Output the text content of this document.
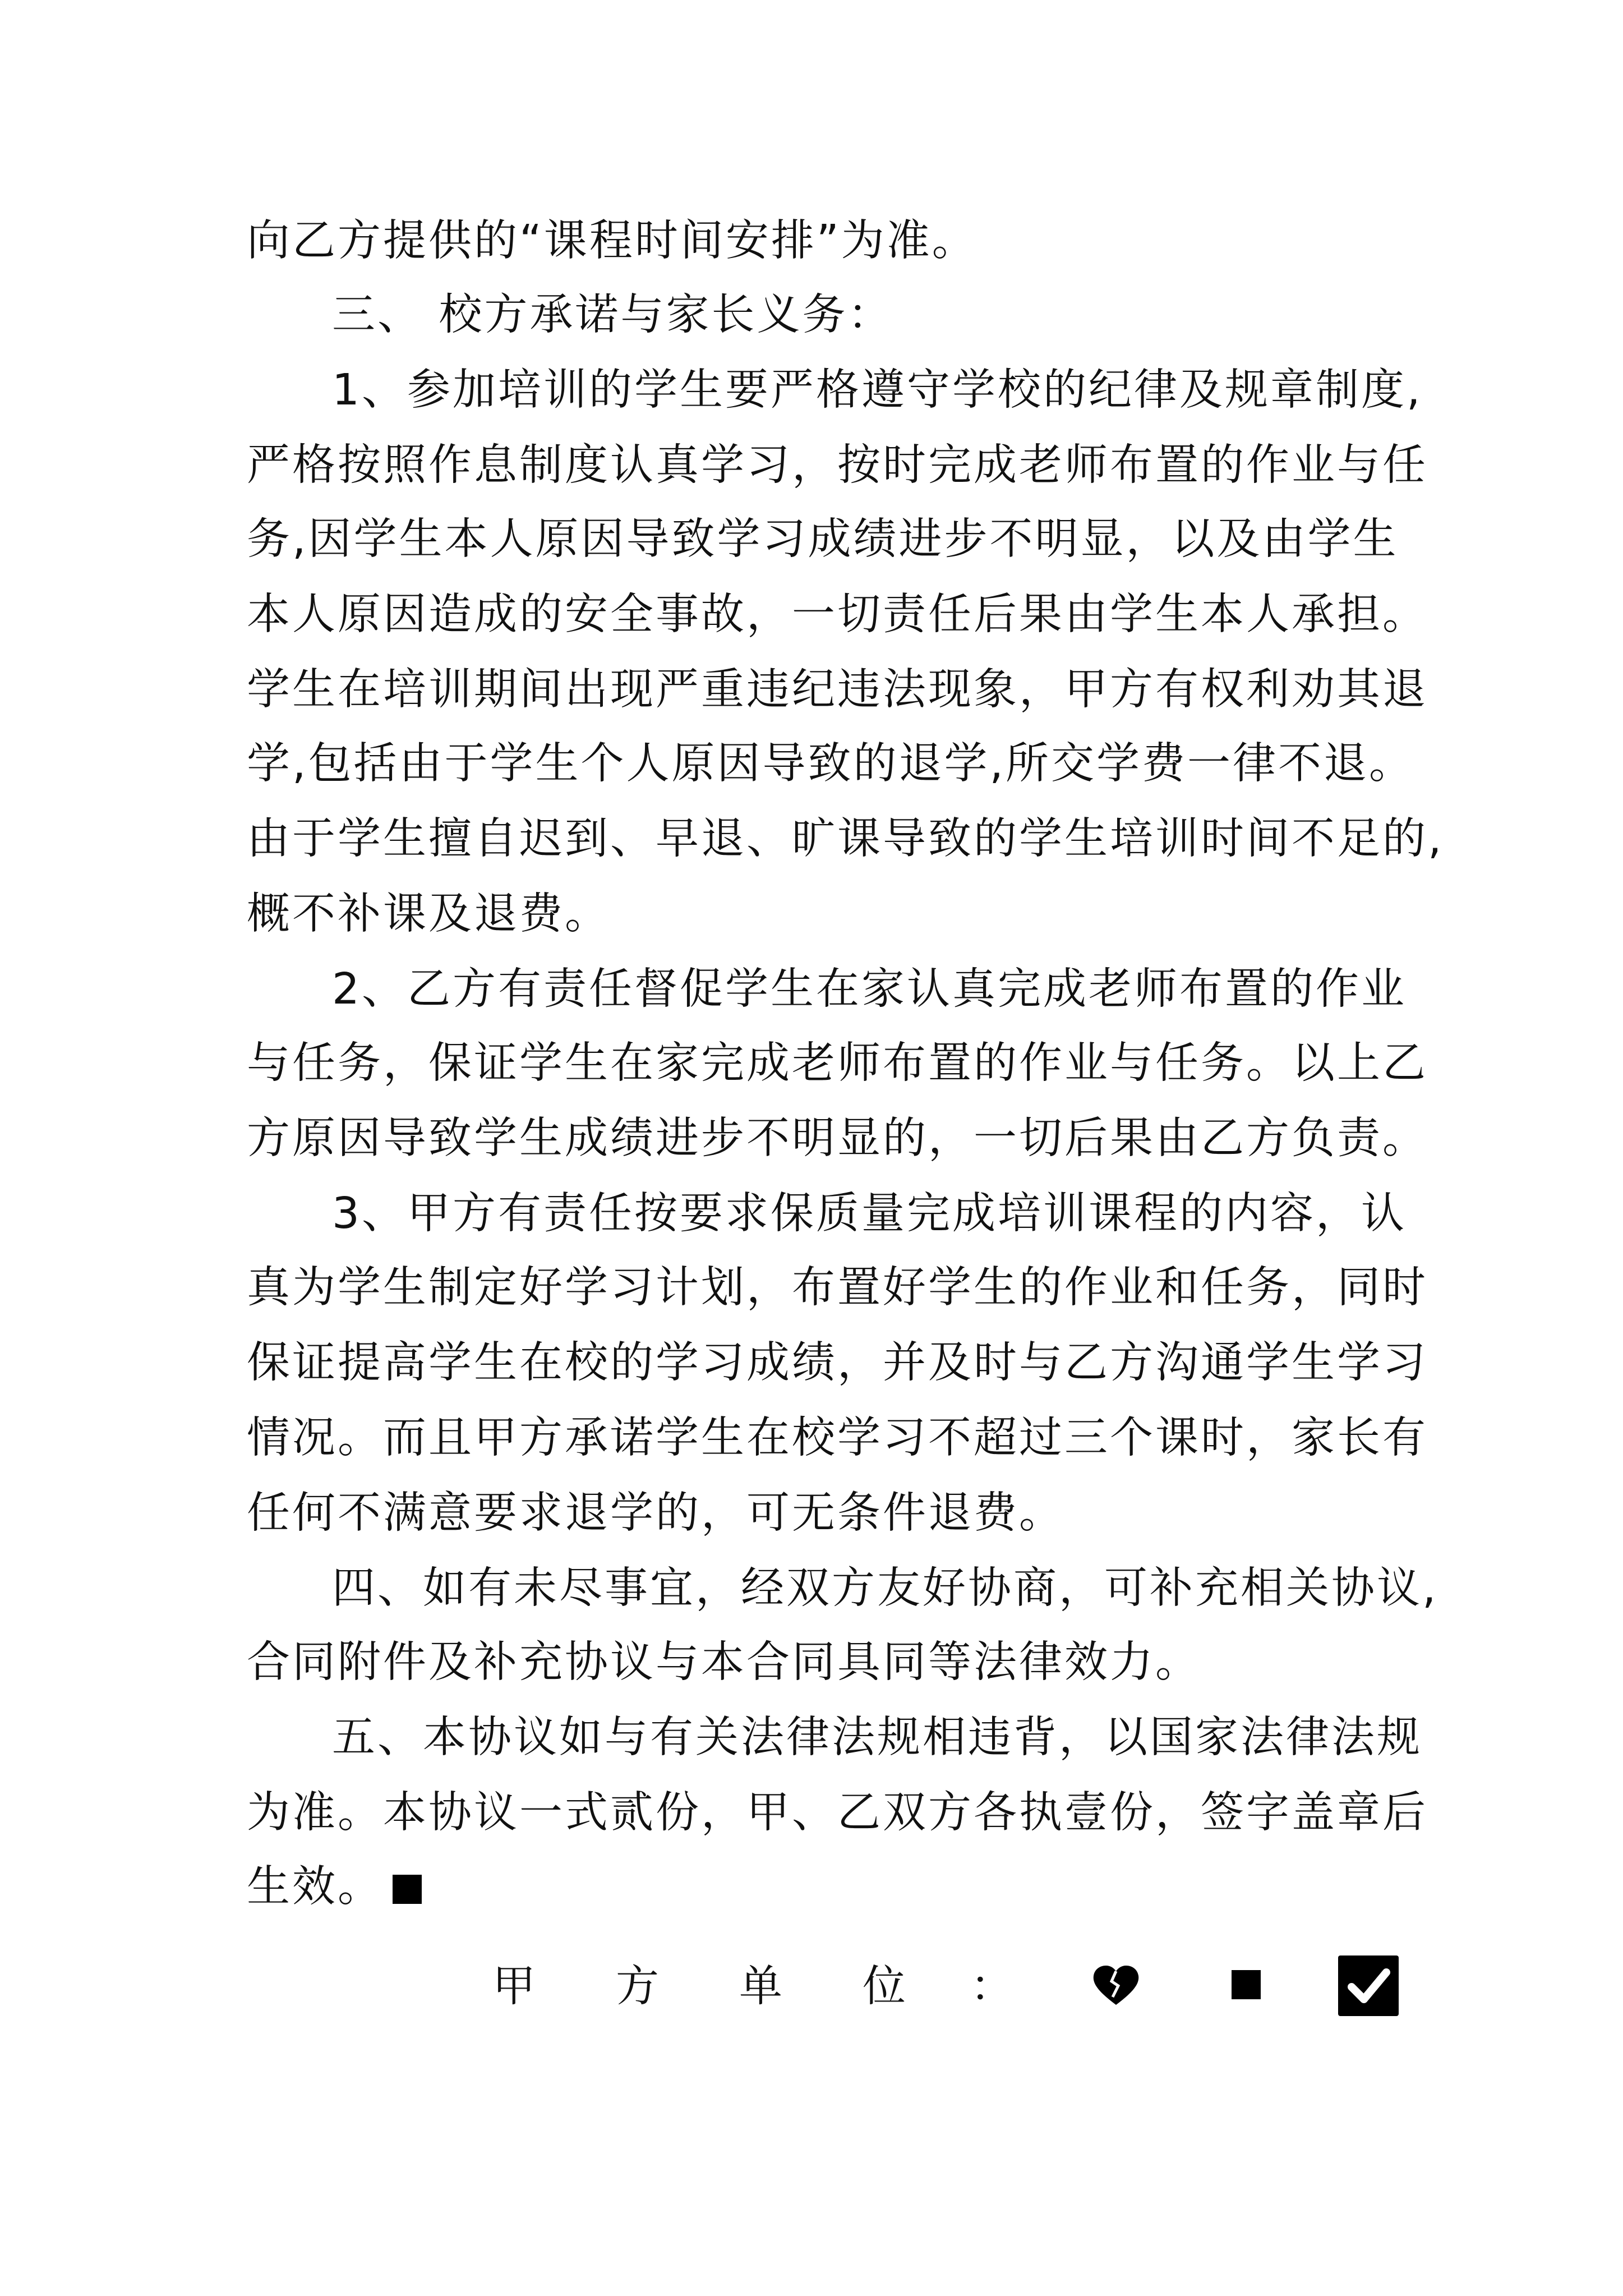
向乙方提供的“课程时间安排”为准。
三、 校方承诺与家长义务：
1、参加培训的学生要严格遵守学校的纪律及规章制度,
严格按照作息制度认真学习，按时完成老师布置的作业与任
务,因学生本人原因导致学习成绩进步不明显，以及由学生
本人原因造成的安全事故，一切责任后果由学生本人承担。
学生在培训期间出现严重违纪违法现象，甲方有权利劝其退
学,包括由于学生个人原因导致的退学,所交学费一律不退。
由于学生擅自迟到、早退、旷课导致的学生培训时间不足的,
概不补课及退费。
2、乙方有责任督促学生在家认真完成老师布置的作业
与任务，保证学生在家完成老师布置的作业与任务。以上乙
方原因导致学生成绩进步不明显的，一切后果由乙方负责。
3、甲方有责任按要求保质量完成培训课程的内容，认
真为学生制定好学习计划，布置好学生的作业和任务，同时
保证提高学生在校的学习成绩，并及时与乙方沟通学生学习
情况。而且甲方承诺学生在校学习不超过三个课时，家长有
任何不满意要求退学的，可无条件退费。
四、如有未尽事宜，经双方友好协商，可补充相关协议,
合同附件及补充协议与本合同具同等法律效力。
五、本协议如与有关法律法规相违背，以国家法律法规
为准。本协议一式贰份，甲、乙双方各执壹份，签字盖章后
生效。
甲 方 单 位 ：
